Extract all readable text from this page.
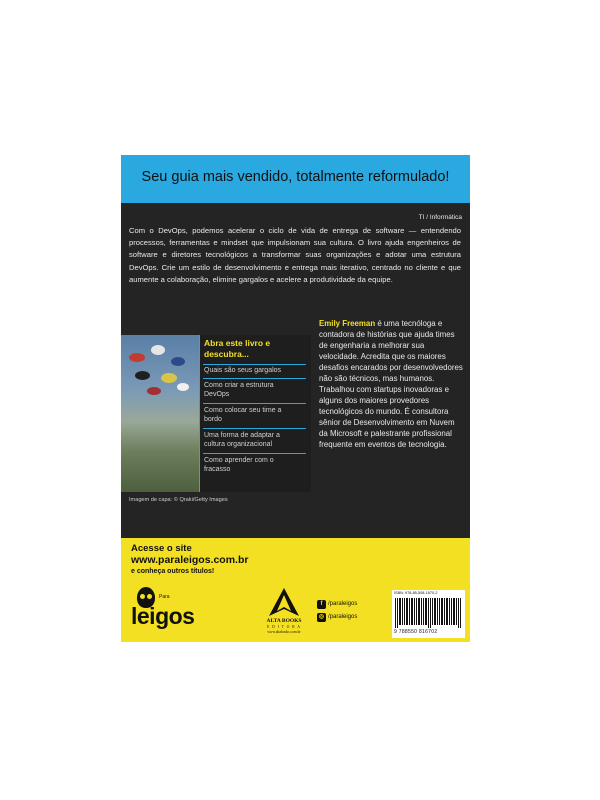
Seu guia mais vendido, totalmente reformulado!
TI / Informática
Com o DevOps, podemos acelerar o ciclo de vida de entrega de software — entendendo processos, ferramentas e mindset que impulsionam sua cultura. O livro ajuda engenheiros de software e diretores tecnológicos a transformar suas organizações e adotar uma estrutura DevOps. Crie um estilo de desenvolvimento e entrega mais iterativo, centrado no cliente e que aumente a colaboração, elimine gargalos e acelere a produtividade da equipe.
Abra este livro e descubra...
Quais são seus gargalos
Como criar a estrutura DevOps
Como colocar seu time a bordo
Uma forma de adaptar a cultura organizacional
Como aprender com o fracasso
Imagem de capa: © Qraki/Getty Images
Emily Freeman é uma tecnóloga e contadora de histórias que ajuda times de engenharia a melhorar sua velocidade. Acredita que os maiores desafios encarados por desenvolvedores não são técnicos, mas humanos. Trabalhou com startups inovadoras e alguns dos maiores provedores tecnológicos do mundo. É consultora sênior de Desenvolvimento em Nuvem da Microsoft e palestrante profissional frequente em eventos de tecnologia.
Acesse o site
www.paraleigos.com.br
e conheça outros títulos!
Para
leigos	ALTA BOOKS
E D I T O R A
www.altabooks.com.br
f /paraleigos
◎ /paraleigos
ISBN: 978-85-508-1670-2
9 788550 816702
